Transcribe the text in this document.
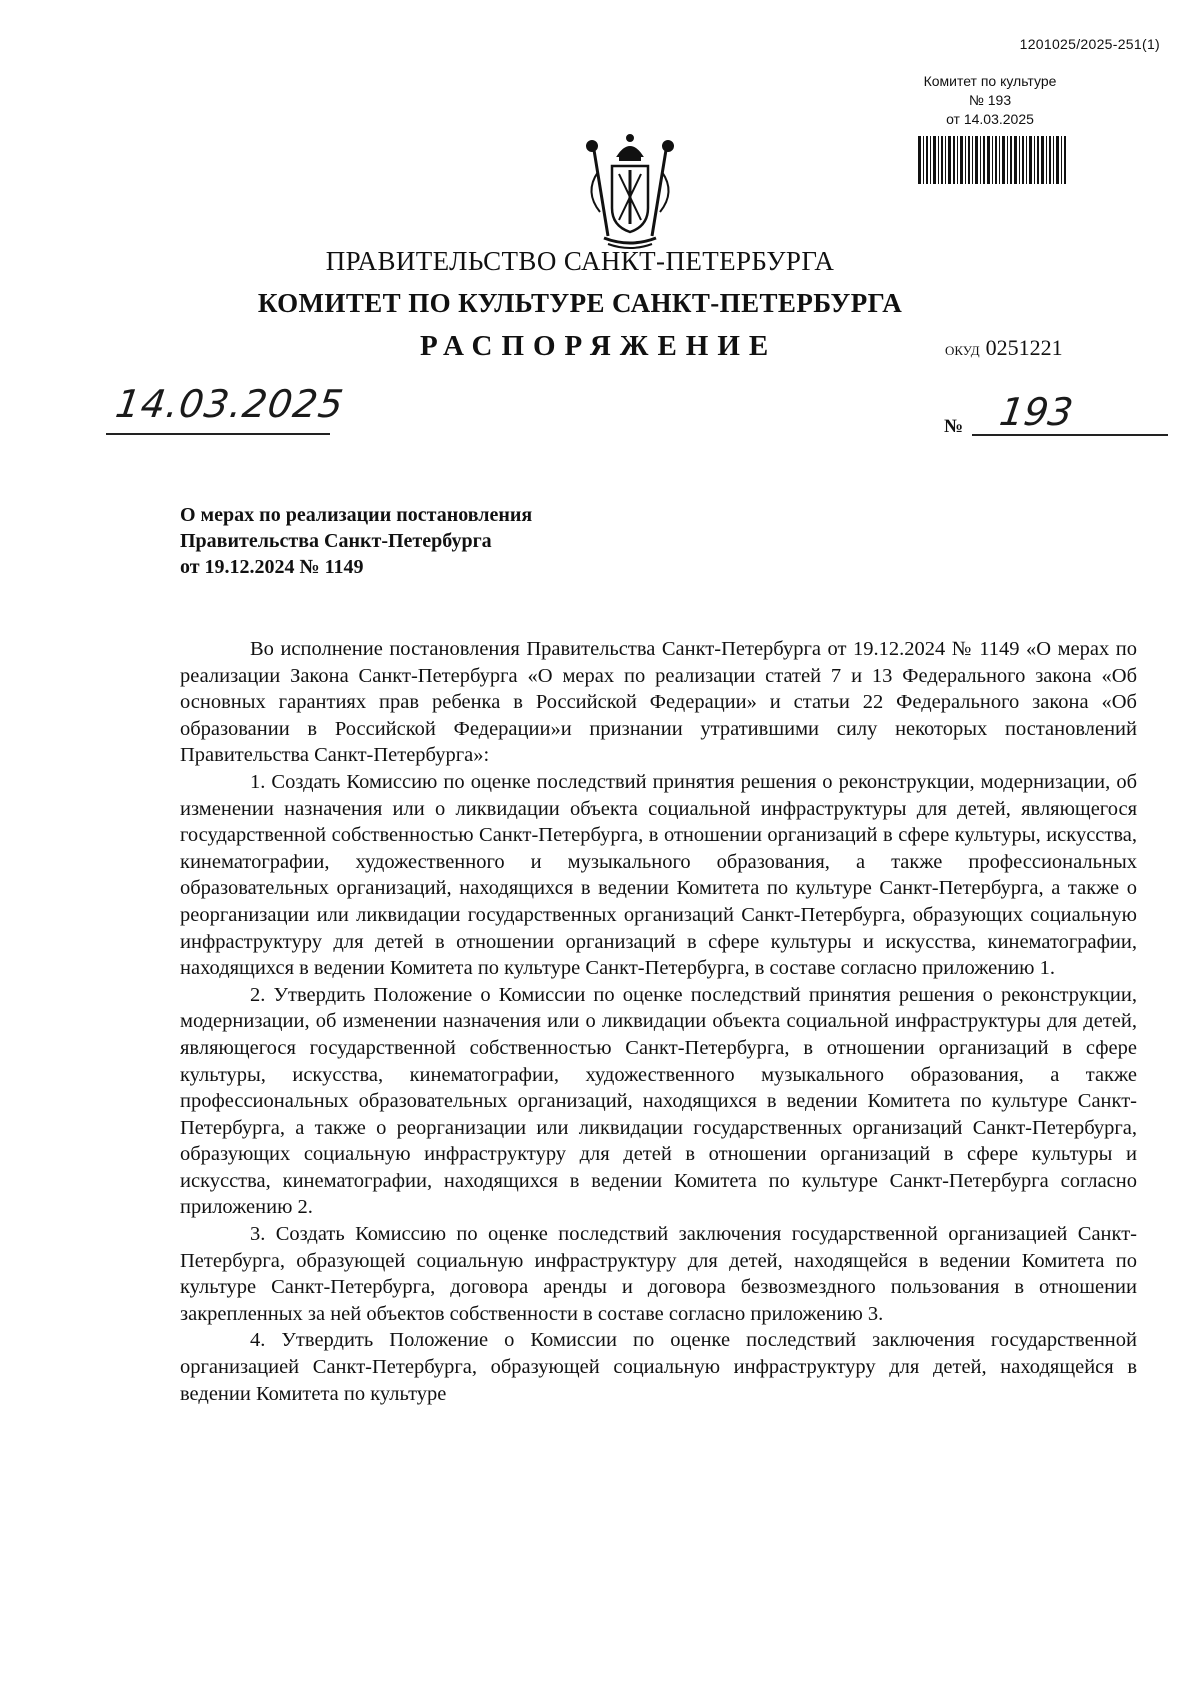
1201025/2025-251(1)
Комитет по культуре
№ 193
от 14.03.2025
ПРАВИТЕЛЬСТВО САНКТ-ПЕТЕРБУРГА
КОМИТЕТ ПО КУЛЬТУРЕ САНКТ-ПЕТЕРБУРГА
РАСПОРЯЖЕНИЕ	ОКУД 0251221
14.03.2025
№ 193
О мерах по реализации постановления
Правительства Санкт-Петербурга
от 19.12.2024 № 1149

Во исполнение постановления Правительства Санкт-Петербурга от 19.12.2024 № 1149 «О мерах по реализации Закона Санкт-Петербурга «О мерах по реализации статей 7 и 13 Федерального закона «Об основных гарантиях прав ребенка в Российской Федерации» и статьи 22 Федерального закона «Об образовании в Российской Федерации»и признании утратившими силу некоторых постановлений Правительства Санкт-Петербурга»:

1. Создать Комиссию по оценке последствий принятия решения о реконструкции, модернизации, об изменении назначения или о ликвидации объекта социальной инфраструктуры для детей, являющегося государственной собственностью Санкт-Петербурга, в отношении организаций в сфере культуры, искусства, кинематографии, художественного и музыкального образования, а также профессиональных образовательных организаций, находящихся в ведении Комитета по культуре Санкт-Петербурга, а также о реорганизации или ликвидации государственных организаций Санкт-Петербурга, образующих социальную инфраструктуру для детей в отношении организаций в сфере культуры и искусства, кинематографии, находящихся в ведении Комитета по культуре Санкт-Петербурга, в составе согласно приложению 1.

2. Утвердить Положение о Комиссии по оценке последствий принятия решения о реконструкции, модернизации, об изменении назначения или о ликвидации объекта социальной инфраструктуры для детей, являющегося государственной собственностью Санкт-Петербурга, в отношении организаций в сфере культуры, искусства, кинематографии, художественного музыкального образования, а также профессиональных образовательных организаций, находящихся в ведении Комитета по культуре Санкт-Петербурга, а также о реорганизации или ликвидации государственных организаций Санкт-Петербурга, образующих социальную инфраструктуру для детей в отношении организаций в сфере культуры и искусства, кинематографии, находящихся в ведении Комитета по культуре Санкт-Петербурга согласно приложению 2.

3. Создать Комиссию по оценке последствий заключения государственной организацией Санкт-Петербурга, образующей социальную инфраструктуру для детей, находящейся в ведении Комитета по культуре Санкт-Петербурга, договора аренды и договора безвозмездного пользования в отношении закрепленных за ней объектов собственности в составе согласно приложению 3.

4. Утвердить Положение о Комиссии по оценке последствий заключения государственной организацией Санкт-Петербурга, образующей социальную инфраструктуру для детей, находящейся в ведении Комитета по культуре
